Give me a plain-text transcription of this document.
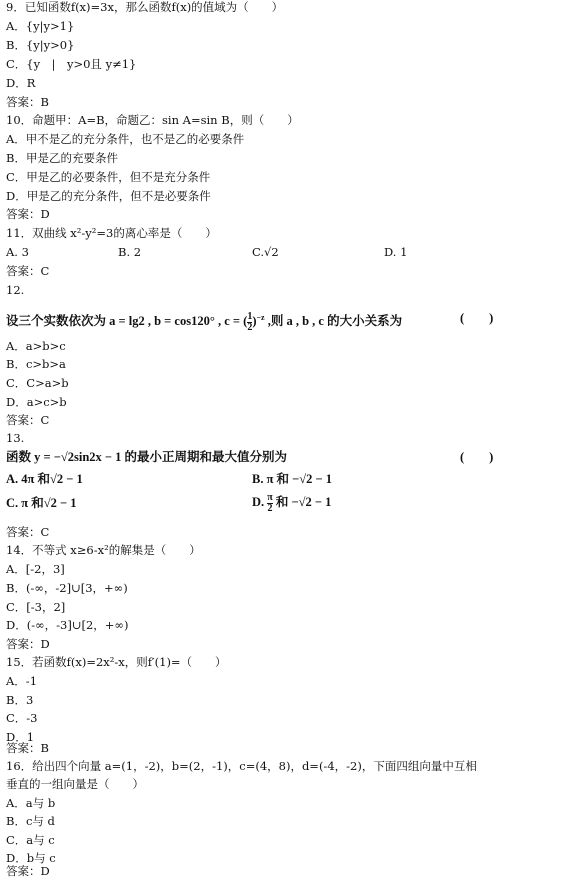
9．已知函数f(x)=3x，那么函数f(x)的值域为（　　）
A．{y|y>1}
B．{y|y>0}
C．{y　|　y>0且 y≠1}
D．R
答案：B
10．命题甲：A=B，命题乙：sin A=sin B，则（　　）
A．甲不是乙的充分条件，也不是乙的必要条件
B．甲是乙的充要条件
C．甲是乙的必要条件，但不是充分条件
D．甲是乙的充分条件，但不是必要条件
答案：D
11．双曲线 x²-y²=3的离心率是（　　）
A. 3	B. 2	C.√2	D. 1
答案：C
12.
设三个实数依次为 a = lg2 , b = cos120° , c = ( $\frac{1}{2} )^{-z}$ ,则 a , b , c 的大小关系为	(　　)
A．a>b>c
B．c>b>a
C．C>a>b
D．a>c>b
答案：C
13.
函数 y = −√2sin2x − 1 的最小正周期和最大值分别为	(　　)
A. 4π 和√2 − 1	B. π 和 −√2 − 1
C. π 和√2 − 1	D. $\frac{\pi}{2}$ 和 −√2 − 1
答案：C
14．不等式 x≥6-x²的解集是（　　）
A．[-2，3]
B．(-∞，-2]∪[3，+∞)
C．[-3，2]
D．(-∞，-3]∪[2，+∞)
答案：D
15．若函数f(x)=2x²-x，则f′(1)=（　　）
A．-1
B．3
C．-3
D．1
答案：B
16．给出四个向量 a=(1，-2)，b=(2，-1)，c=(4，8)，d=(-4，-2)，下面四组向量中互相
垂直的一组向量是（　　）
A．a与 b
B．c与 d
C．a与 c
D．b与 c
答案：D
